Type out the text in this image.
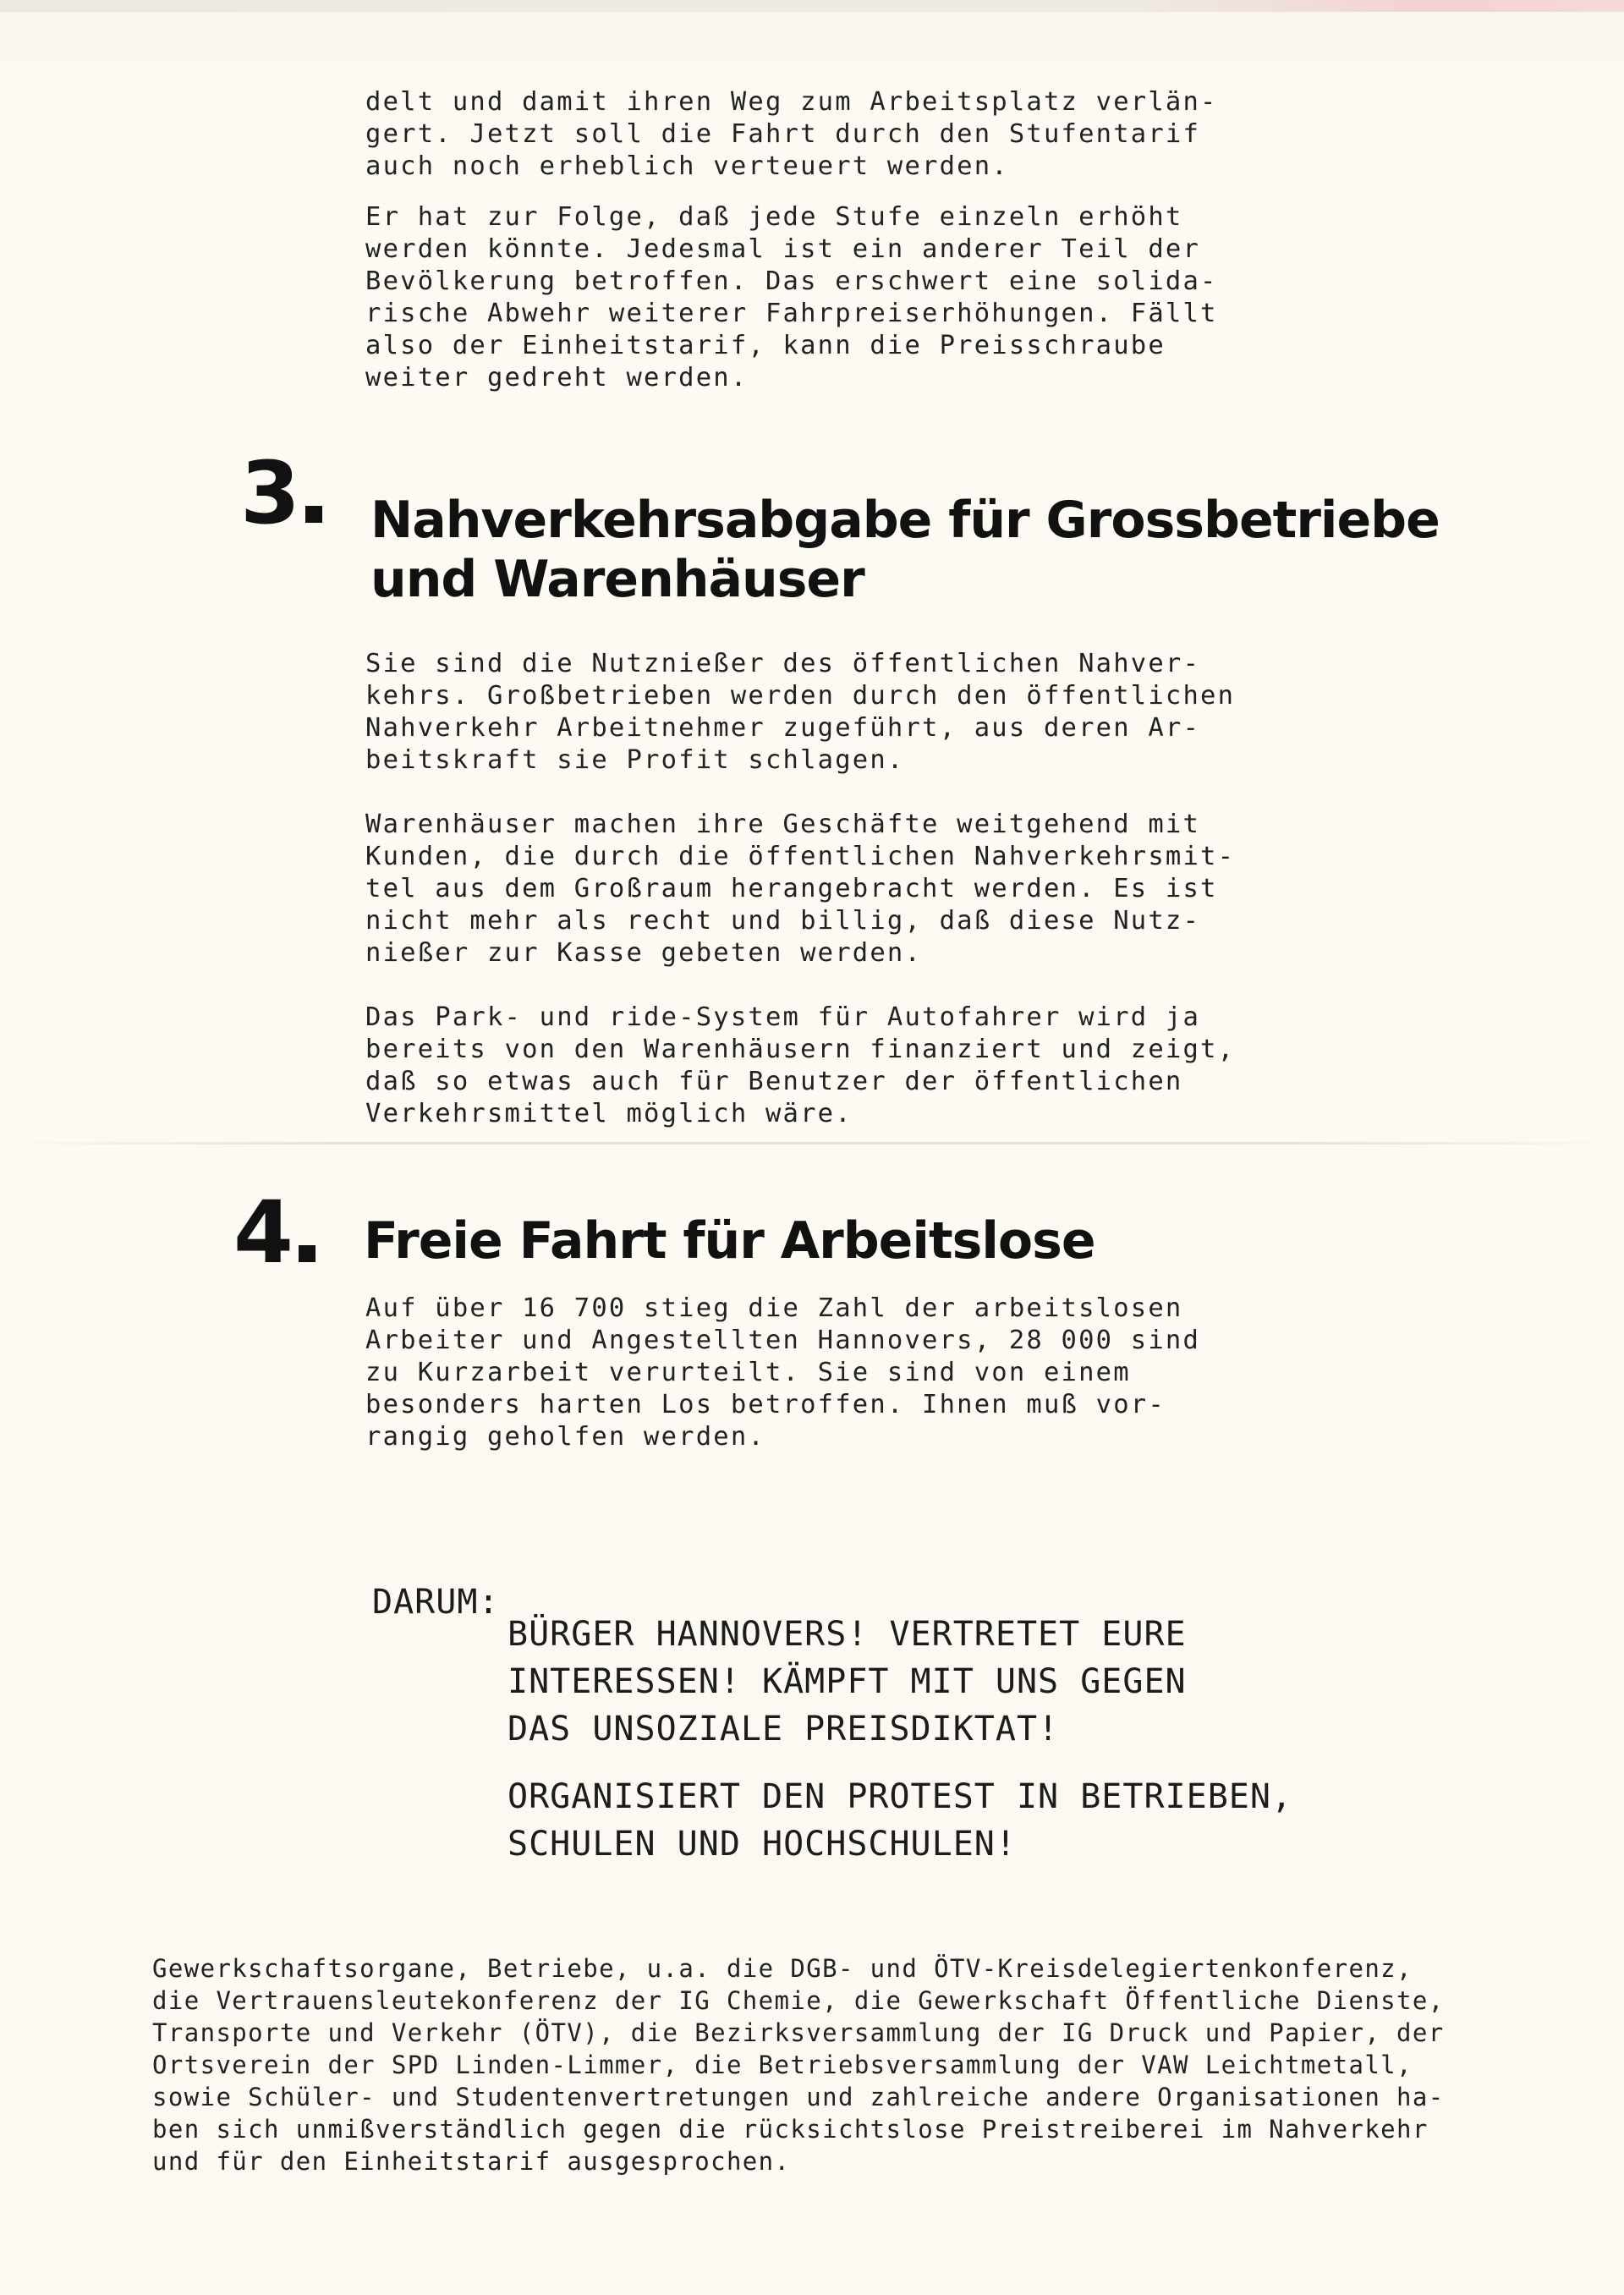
delt und damit ihren Weg zum Arbeitsplatz verlän-
gert. Jetzt soll die Fahrt durch den Stufentarif
auch noch erheblich verteuert werden.

Er hat zur Folge, daß jede Stufe einzeln erhöht
werden könnte. Jedesmal ist ein anderer Teil der
Bevölkerung betroffen. Das erschwert eine solida-
rische Abwehr weiterer Fahrpreiserhöhungen. Fällt
also der Einheitstarif, kann die Preisschraube
weiter gedreht werden.

3	Nahverkehrsabgabe für Grossbetriebe
und Warenhäuser

Sie sind die Nutznießer des öffentlichen Nahver-
kehrs. Großbetrieben werden durch den öffentlichen
Nahverkehr Arbeitnehmer zugeführt, aus deren Ar-
beitskraft sie Profit schlagen.

Warenhäuser machen ihre Geschäfte weitgehend mit
Kunden, die durch die öffentlichen Nahverkehrsmit-
tel aus dem Großraum herangebracht werden. Es ist
nicht mehr als recht und billig, daß diese Nutz-
nießer zur Kasse gebeten werden.

Das Park- und ride-System für Autofahrer wird ja
bereits von den Warenhäusern finanziert und zeigt,
daß so etwas auch für Benutzer der öffentlichen
Verkehrsmittel möglich wäre.

4	Freie Fahrt für Arbeitslose

Auf über 16 700 stieg die Zahl der arbeitslosen
Arbeiter und Angestellten Hannovers, 28 000 sind
zu Kurzarbeit verurteilt. Sie sind von einem
besonders harten Los betroffen. Ihnen muß vor-
rangig geholfen werden.

DARUM:
BÜRGER HANNOVERS! VERTRETET EURE
INTERESSEN! KÄMPFT MIT UNS GEGEN
DAS UNSOZIALE PREISDIKTAT!
ORGANISIERT DEN PROTEST IN BETRIEBEN,
SCHULEN UND HOCHSCHULEN!

Gewerkschaftsorgane, Betriebe, u.a. die DGB- und ÖTV-Kreisdelegiertenkonferenz,
die Vertrauensleutekonferenz der IG Chemie, die Gewerkschaft Öffentliche Dienste,
Transporte und Verkehr (ÖTV), die Bezirksversammlung der IG Druck und Papier, der
Ortsverein der SPD Linden-Limmer, die Betriebsversammlung der VAW Leichtmetall,
sowie Schüler- und Studentenvertretungen und zahlreiche andere Organisationen ha-
ben sich unmißverständlich gegen die rücksichtslose Preistreiberei im Nahverkehr
und für den Einheitstarif ausgesprochen.
